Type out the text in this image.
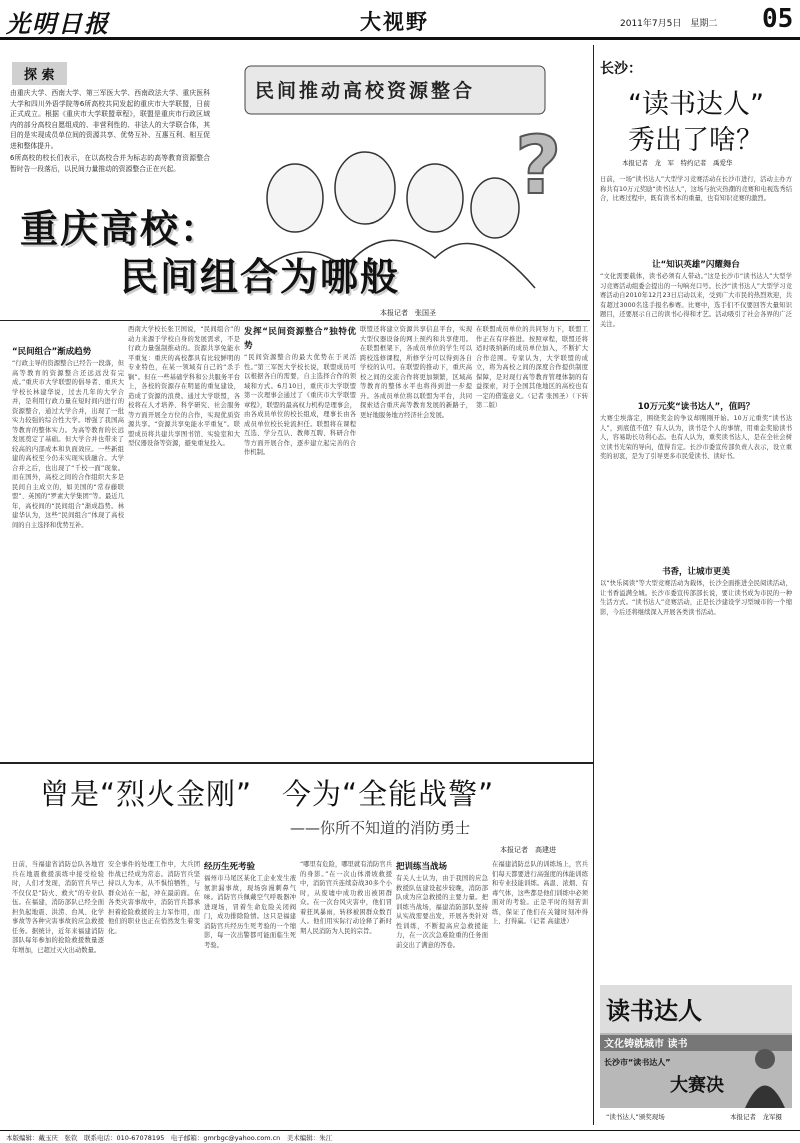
光明日报	大视野	2011年7月5日　星期二 05
探 索
由重庆大学、西南大学、第三军医大学、西南政法大学、重庆医科大学和四川外语学院等6所高校共同发起的重庆市大学联盟，日前正式成立。根据《重庆市大学联盟章程》，联盟是重庆市行政区域内的部分高校自愿组成的、非营利性的、非法人的大学联合体，其目的是实现成员单位间的资源共享、优势互补、互惠互利、相互促进和整体提升。
6所高校的校长们表示，在以高校合并为标志的高等教育资源整合暂时告一段落后，以民间力量推动的资源整合正在兴起。	?
民间推动高校资源整合
重庆高校：
民间组合为哪般
本报记者　张国圣
“民间组合”渐成趋势
“行政主导的资源整合已经告一段落，但高等教育的资源整合还远远没有完成。”重庆市大学联盟的倡导者、重庆大学校长林建华说，过去几年的大学合并，是利用行政力量在短时间内进行的资源整合，通过大学合并，出现了一批实力较强的综合性大学。增强了我国高等教育的整体实力。为高等教育的长远发展奠定了基础。但大学合并也带来了较高的内部成本和负面效应。一些新组建的高校至今仍未实现实质融合。大学合并之后，也出现了“千校一面”现象。而在国外，高校之间的合作组织大多是民间自主成立的，如美国的“常春藤联盟”、英国的“罗素大学集团”等。最近几年，高校间的“民间组合”渐成趋势。林建华认为，这些“民间组合”体现了高校间的自主选择和优势互补。
西南大学校长张卫国说，“民间组合”的动力来源于学校自身的发展需求，不是行政力量强制推动的。资源共享免能水平重复：重庆的高校都具有比较鲜明的专业特色，在某一领域有自己的“杀手锏”。但在一些基础学科和公共服务平台上，各校的资源存在明显的重复建设，造成了资源的浪费。通过大学联盟，各校将在人才培养、科学研究、社会服务等方面开展全方位的合作，实现优质资源共享。“资源共享免能水平重复”。联盟成员将共建共享图书馆、实验室和大型仪器设备等资源，避免重复投入。
发挥“民间资源整合”独特优势
“民间资源整合的最大优势在于灵活性。”第三军医大学校长说，联盟成员可以根据各自的需要，自主选择合作的领域和方式。6月10日，重庆市大学联盟第一次理事会通过了《重庆市大学联盟章程》，联盟的最高权力机构是理事会，由各成员单位的校长组成，理事长由各成员单位校长轮流担任。联盟将在课程互选、学分互认、教师互聘、科研合作等方面开展合作，逐步建立起完善的合作机制。
联盟还将建立资源共享信息平台，实现大型仪器设备的网上预约和共享使用。在联盟框架下，各成员单位的学生可以跨校选修课程，所修学分可以得到各自学校的认可。在联盟的推动下，重庆高校之间的交流合作将更加频繁，区域高等教育的整体水平也将得到进一步提升。各成员单位将以联盟为平台，共同探索适合重庆高等教育发展的新路子，更好地服务地方经济社会发展。
在联盟成员单位的共同努力下，联盟工作正在有序推进。按照章程，联盟还将适时吸纳新的成员单位加入，不断扩大合作范围。专家认为，大学联盟的成立，将为高校之间的深度合作提供制度保障，是对现行高等教育管理体制的有益探索，对于全国其他地区的高校也有一定的借鉴意义。（记者 张国圣）（下转第二版）
长沙：
“读书达人”
秀出了啥？
本报记者　龙　军　特约记者　禹爱华
日前，一场“读书达人”大型学习竞赛活动在长沙市进行，活动主办方称共有10万元奖励“读书达人”，这场与抗灾热潮的竞赛和电视选秀结合，比赛过程中，既有读书本的重量，也有知识竞赛的激烈。
让“知识英雄”闪耀舞台
“文化需要载体，读书必须有人带动。”这是长沙市“读书达人”大型学习竞赛活动组委会提出的一句响亮口号。长沙“读书达人”大型学习竞赛活动自2010年12月23日启动以来，受到广大市民的热烈欢迎，共有超过3000名选手报名参赛。比赛中，选手们不仅要回答大量知识题目，还要展示自己的读书心得和才艺。活动吸引了社会各界的广泛关注。
10万元奖“读书达人”，值吗？
大赛尘埃落定，围绕奖金的争议却刚刚开始。10万元重奖“读书达人”，到底值不值？有人认为，读书是个人的事情，用重金奖励读书人，容易助长功利心态。也有人认为，重奖读书达人，是在全社会树立读书光荣的导向，值得肯定。长沙市委宣传部负责人表示，设立重奖的初衷，是为了引导更多市民爱读书、读好书。
书香，让城市更美
以“快乐阅读”等大型竞赛活动为载体，长沙全面推进全民阅读活动，让书香溢满全城。长沙市委宣传部部长说，要让读书成为市民的一种生活方式。“读书达人”竞赛活动，正是长沙建设学习型城市的一个缩影，今后还将继续深入开展各类读书活动。
读书达人
文化铸就城市 读书
长沙市“读书达人”
大赛决
“读书达人”颁奖现场	本报记者　龙军摄
曾是“烈火金刚”　今为“全能战警”
——你所不知道的消防勇士
本报记者　高建进
日前，当福建省消防总队各地官兵在地震救援演练中接受检验时，人们才发现，消防官兵早已不仅仅是“防火、救火”的专业队伍。在福建，消防部队已经全面担负起地震、洪涝、台风、化学事故等各种灾害事故的应急救援任务。据统计，近年来福建消防部队每年参加的抢险救援数量逐年增加，已超过灭火出动数量。
安全事件的处理工作中，大兵团作战已经成为常态。消防官兵坚持以人为本，从不惧怕牺牲，与群众站在一起，冲在最前面。在各类灾害事故中，消防官兵都承担着抢险救援的主力军作用，而他们的职业也正在悄然发生着变化。
经历生死考验
福州市马尾区某化工企业发生液氨泄漏事故，现场弥漫刺鼻气味。消防官兵佩戴空气呼吸器冲进现场，冒着生命危险关闭阀门，成功排除险情。这只是福建消防官兵经历生死考验的一个缩影，每一次出警都可能面临生死考验。
“哪里有危险，哪里就有消防官兵的身影。”在一次山体滑坡救援中，消防官兵连续奋战30多个小时，从废墟中成功救出被困群众。在一次台风灾害中，他们冒着狂风暴雨，转移被困群众数百人。他们用实际行动诠释了新时期人民消防为人民的宗旨。
把训练当战场
有关人士认为，由于我国的应急救援队伍建设起步较晚，消防部队成为应急救援的主要力量。把训练当战场，福建消防部队坚持从实战需要出发，开展各类针对性训练，不断提高应急救援能力，在一次次急难险重的任务面前交出了满意的答卷。
在福建消防总队的训练场上，官兵们每天都要进行高强度的体能训练和专业技能训练。高温、浓烟、有毒气体，这些都是他们训练中必须面对的考验。正是平时的刻苦训练，保证了他们在关键时刻冲得上、打得赢。（记者 高建进）
本版编辑：戴玉庆　张钦　联系电话：010-67078195　电子邮箱：gmrbgc@yahoo.com.cn　美术编辑：朱江
